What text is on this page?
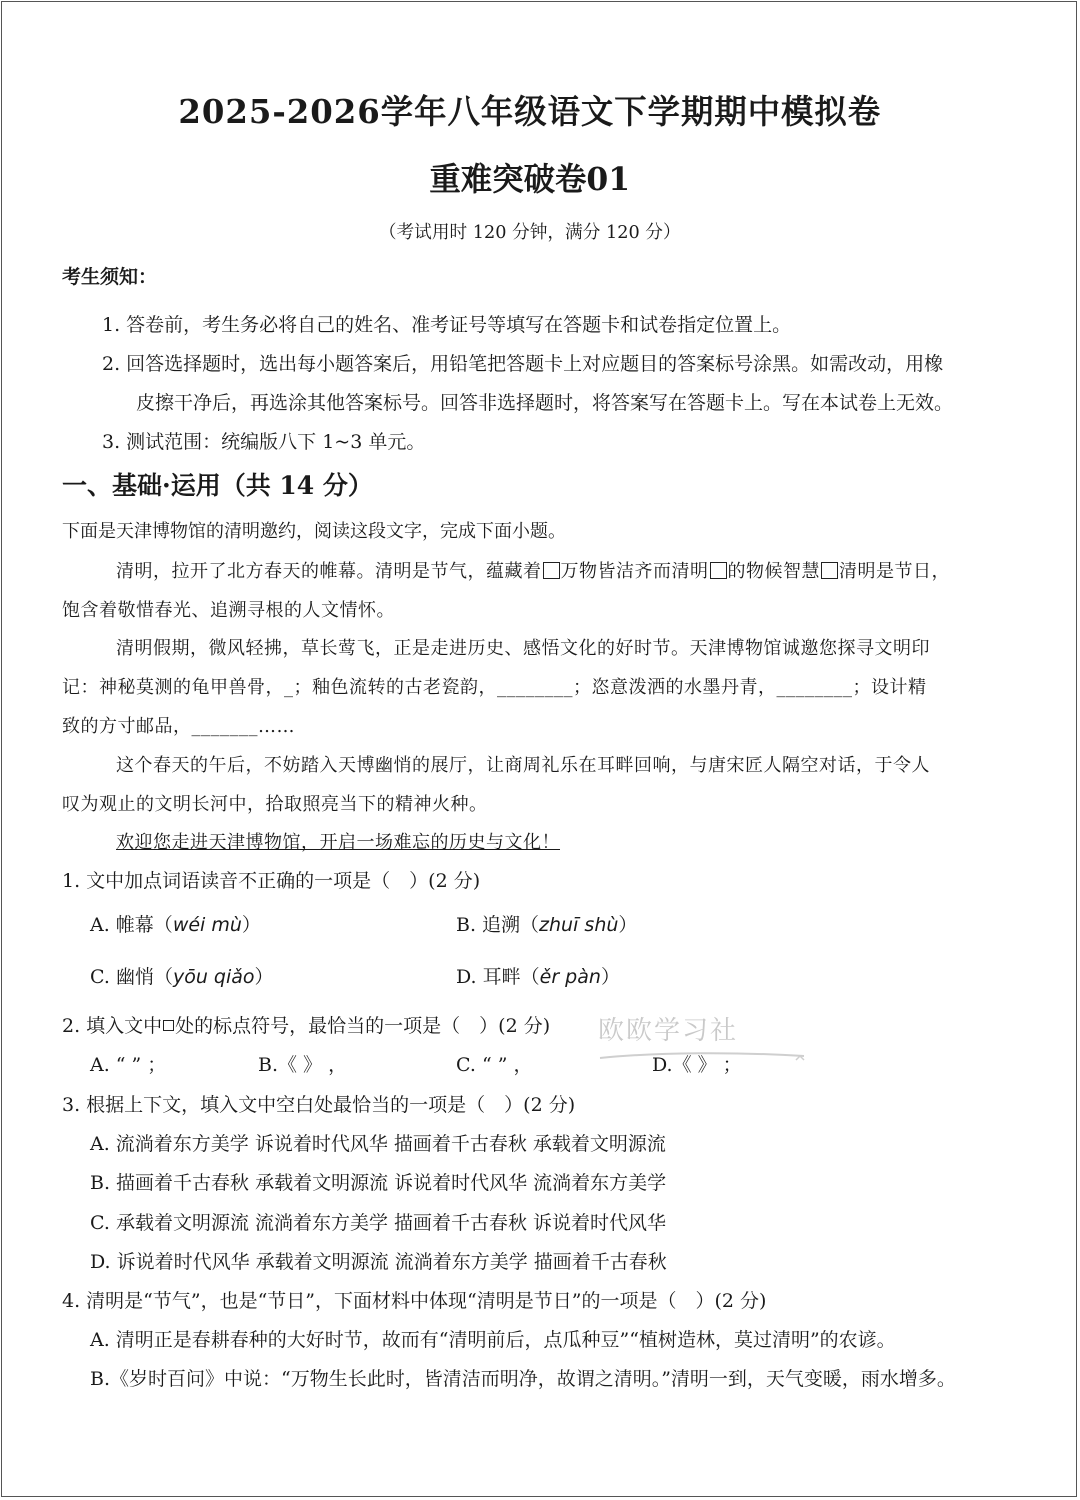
2025-2026学年八年级语文下学期期中模拟卷
重难突破卷01
（考试用时 120 分钟，满分 120 分）
考生须知：
1. 答卷前，考生务必将自己的姓名、准考证号等填写在答题卡和试卷指定位置上。
2. 回答选择题时，选出每小题答案后，用铅笔把答题卡上对应题目的答案标号涂黑。如需改动，用橡
皮擦干净后，再选涂其他答案标号。回答非选择题时，将答案写在答题卡上。写在本试卷上无效。
3. 测试范围：统编版八下 1~3 单元。
一、基础·运用（共 14 分）
下面是天津博物馆的清明邀约，阅读这段文字，完成下面小题。
清明，拉开了北方春天的帷幕。清明是节气，蕴藏着 万物皆洁齐而清明 的物候智慧 清明是节日，
饱含着敬惜春光、追溯寻根的人文情怀。
清明假期，微风轻拂，草长莺飞，正是走进历史、感悟文化的好时节。天津博物馆诚邀您探寻文明印
记：神秘莫测的龟甲兽骨，_；釉色流转的古老瓷韵，________；恣意泼洒的水墨丹青，________；设计精
致的方寸邮品，_______……
这个春天的午后，不妨踏入天博幽悄的展厅，让商周礼乐在耳畔回响，与唐宋匠人隔空对话，于令人
叹为观止的文明长河中，拾取照亮当下的精神火种。
欢迎您走进天津博物馆，开启一场难忘的历史与文化！
1. 文中加点词语读音不正确的一项是（　）(2 分)
A. 帷幕（wéi mù）	B. 追溯（zhuī shù）
C. 幽悄（yōu qiǎo）	D. 耳畔（ěr pàn）
2. 填入文中 处的标点符号，最恰当的一项是（　）(2 分)
A. “ ” ；	B.《 》 ，	C. “ ” ，	D.《 》 ；
欧欧学习社
3. 根据上下文，填入文中空白处最恰当的一项是（　）(2 分)
A. 流淌着东方美学 诉说着时代风华 描画着千古春秋 承载着文明源流
B. 描画着千古春秋 承载着文明源流 诉说着时代风华 流淌着东方美学
C. 承载着文明源流 流淌着东方美学 描画着千古春秋 诉说着时代风华
D. 诉说着时代风华 承载着文明源流 流淌着东方美学 描画着千古春秋
4. 清明是“节气”，也是“节日”，下面材料中体现“清明是节日”的一项是（　）(2 分)
A. 清明正是春耕春种的大好时节，故而有“清明前后，点瓜种豆”“植树造林，莫过清明”的农谚。
B.《岁时百问》中说：“万物生长此时，皆清洁而明净，故谓之清明。”清明一到，天气变暖，雨水增多。
